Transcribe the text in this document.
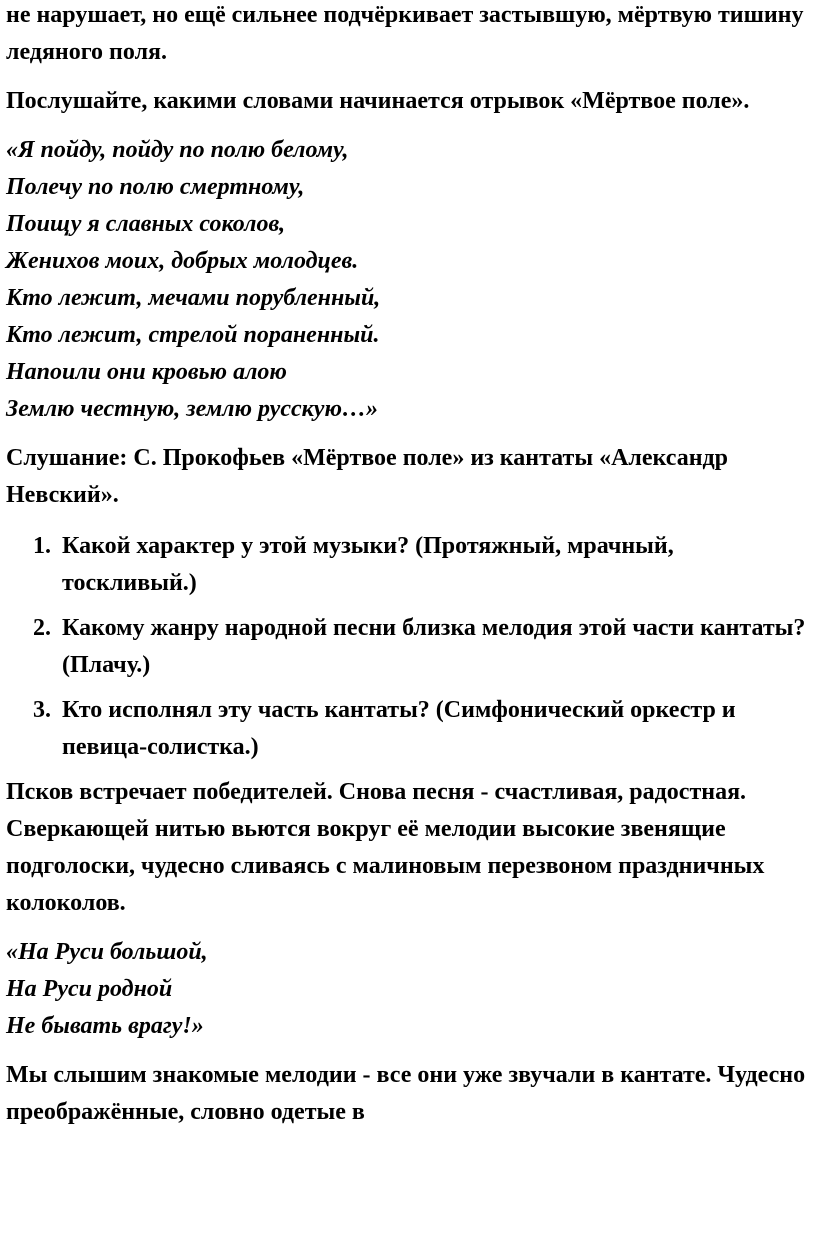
не нарушает, но ещё сильнее подчёркивает застывшую, мёртвую тишину ледяного поля.

Послушайте, какими словами начинается отрывок «Мёртвое поле».

«Я пойду, пойду по полю белому,
Полечу по полю смертному,
Поищу я славных соколов,
Женихов моих, добрых молодцев.
Кто лежит, мечами порубленный,
Кто лежит, стрелой пораненный.
Напоили они кровью алою
Землю честную, землю русскую…»

Слушание: С. Прокофьев «Мёртвое поле» из кантаты «Александр Невский».

1. Какой характер у этой музыки? (Протяжный, мрачный, тоскливый.)
2. Какому жанру народной песни близка мелодия этой части кантаты? (Плачу.)
3. Кто исполнял эту часть кантаты? (Симфонический оркестр и певица-солистка.)

Псков встречает победителей. Снова песня - счастливая, радостная. Сверкающей нитью вьются вокруг её мелодии высокие звенящие подголоски, чудесно сливаясь с малиновым перезвоном праздничных колоколов.

«На Руси большой,
На Руси родной
Не бывать врагу!»

Мы слышим знакомые мелодии - все они уже звучали в кантате. Чудесно преображённые, словно одетые в
